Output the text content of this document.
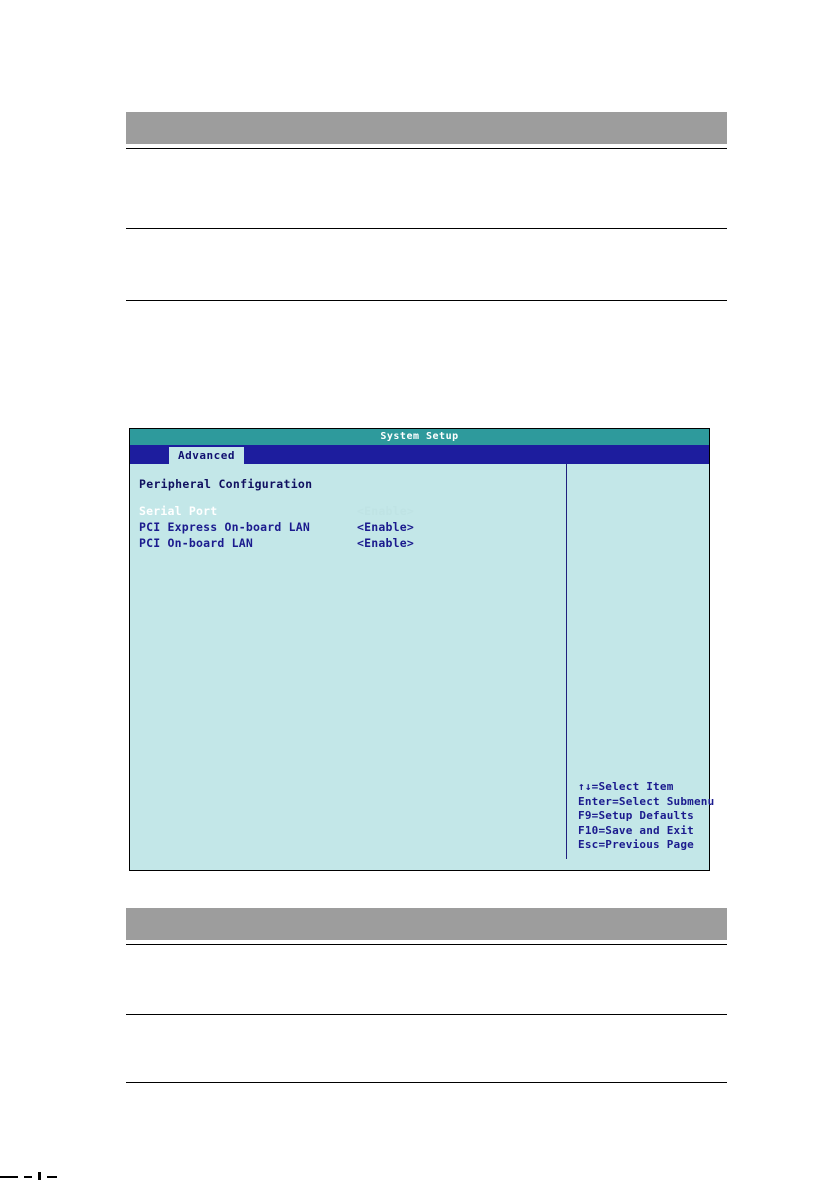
System Setup
Advanced
Peripheral Configuration
Serial Port	<Enable>
PCI Express On-board LAN	<Enable>
PCI On-board LAN	<Enable>
↑↓=Select Item
Enter=Select Submenu
F9=Setup Defaults
F10=Save and Exit
Esc=Previous Page
